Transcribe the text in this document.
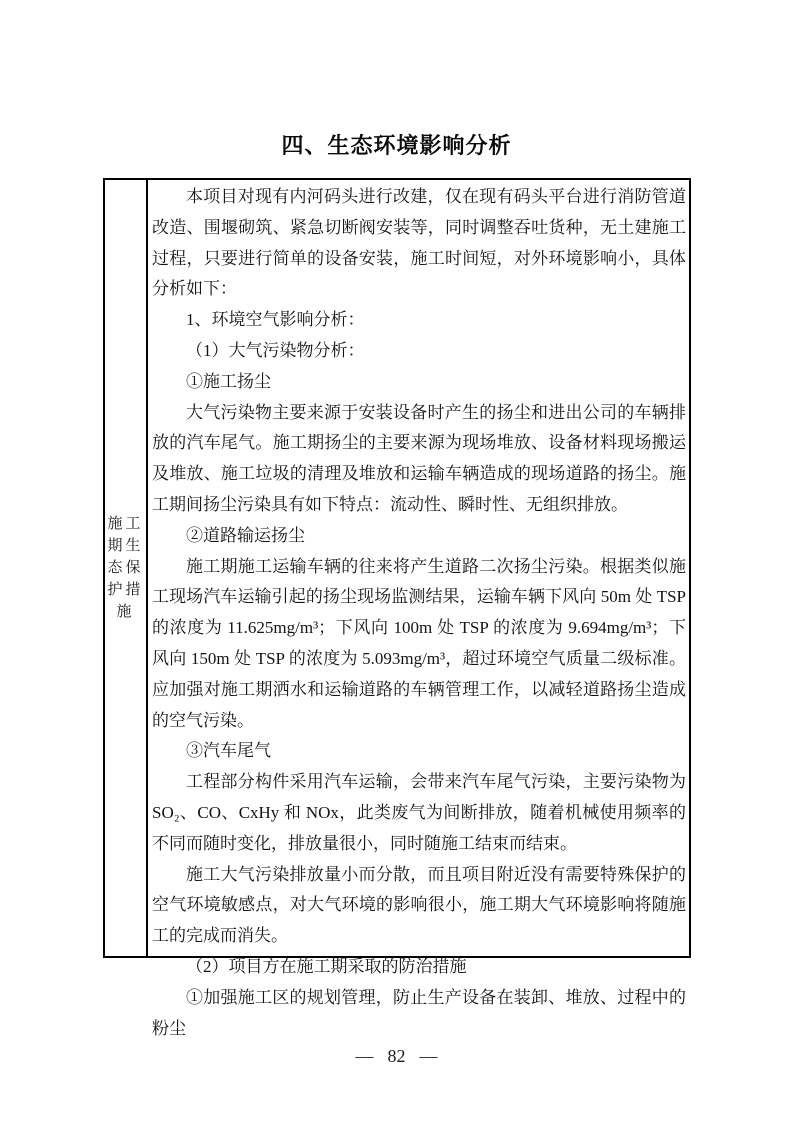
四、生态环境影响分析
施工期生态保护措施

本项目对现有内河码头进行改建，仅在现有码头平台进行消防管道改造、围堰砌筑、紧急切断阀安装等，同时调整吞吐货种，无土建施工过程，只要进行简单的设备安装，施工时间短，对外环境影响小，具体分析如下：

1、环境空气影响分析：

（1）大气污染物分析：

①施工扬尘

大气污染物主要来源于安装设备时产生的扬尘和进出公司的车辆排放的汽车尾气。施工期扬尘的主要来源为现场堆放、设备材料现场搬运及堆放、施工垃圾的清理及堆放和运输车辆造成的现场道路的扬尘。施工期间扬尘污染具有如下特点：流动性、瞬时性、无组织排放。

②道路输运扬尘

施工期施工运输车辆的往来将产生道路二次扬尘污染。根据类似施工现场汽车运输引起的扬尘现场监测结果，运输车辆下风向 50m 处 TSP 的浓度为 11.625mg/m³；下风向 100m 处 TSP 的浓度为 9.694mg/m³；下风向 150m 处 TSP 的浓度为 5.093mg/m³，超过环境空气质量二级标准。应加强对施工期洒水和运输道路的车辆管理工作，以减轻道路扬尘造成的空气污染。

③汽车尾气

工程部分构件采用汽车运输，会带来汽车尾气污染，主要污染物为 SO₂、CO、CxHy 和 NOx，此类废气为间断排放，随着机械使用频率的不同而随时变化，排放量很小，同时随施工结束而结束。

施工大气污染排放量小而分散，而且项目附近没有需要特殊保护的空气环境敏感点，对大气环境的影响很小，施工期大气环境影响将随施工的完成而消失。

（2）项目方在施工期采取的防治措施

①加强施工区的规划管理，防止生产设备在装卸、堆放、过程中的粉尘

— 82 —
